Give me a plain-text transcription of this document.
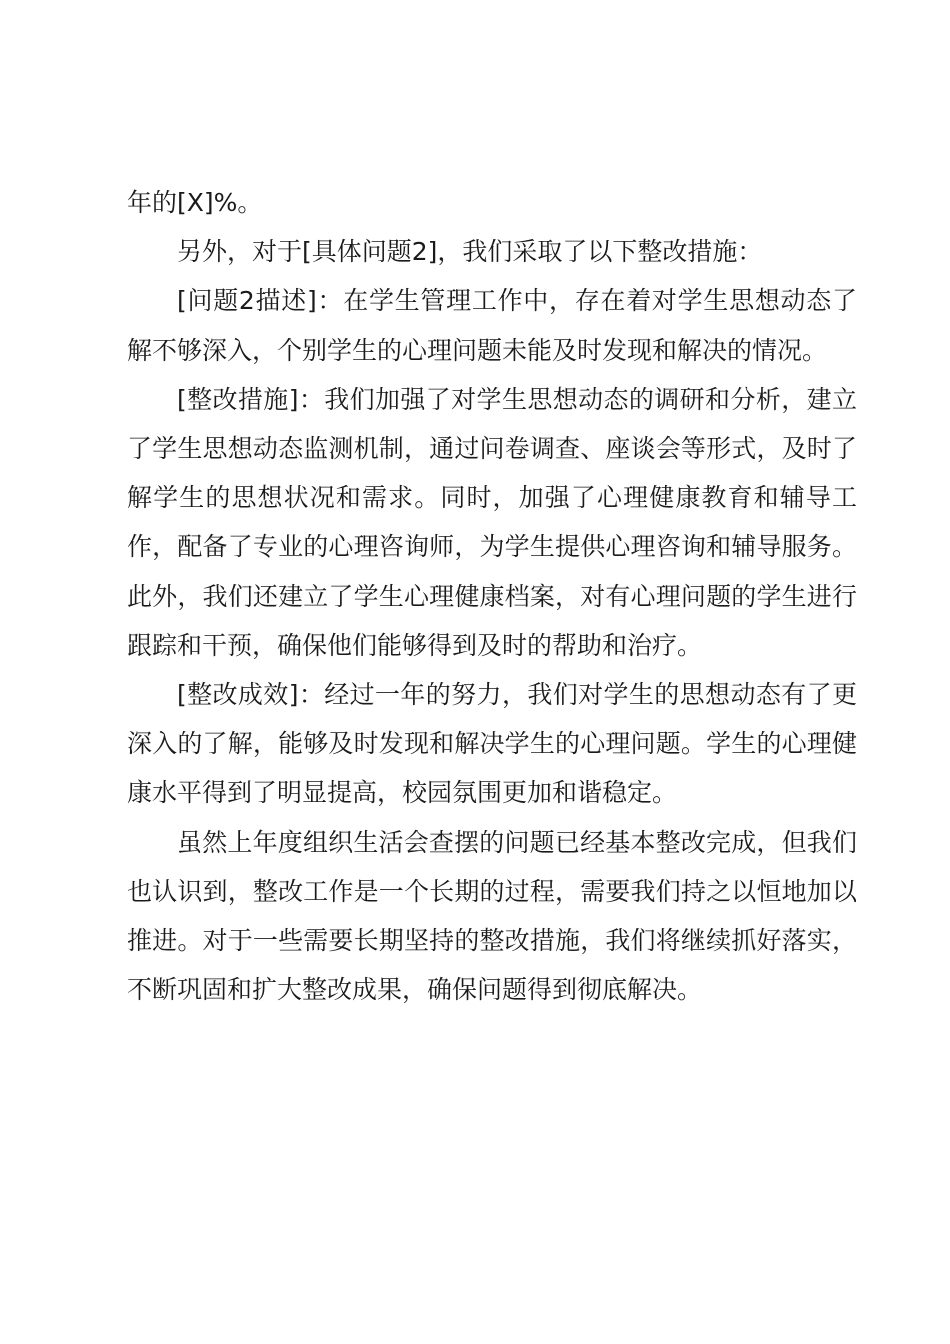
年的[X]%。

另外，对于[具体问题2]，我们采取了以下整改措施：

[问题2描述]：在学生管理工作中，存在着对学生思想动态了解不够深入，个别学生的心理问题未能及时发现和解决的情况。

[整改措施]：我们加强了对学生思想动态的调研和分析，建立了学生思想动态监测机制，通过问卷调查、座谈会等形式，及时了解学生的思想状况和需求。同时，加强了心理健康教育和辅导工作，配备了专业的心理咨询师，为学生提供心理咨询和辅导服务。此外，我们还建立了学生心理健康档案，对有心理问题的学生进行跟踪和干预，确保他们能够得到及时的帮助和治疗。

[整改成效]：经过一年的努力，我们对学生的思想动态有了更深入的了解，能够及时发现和解决学生的心理问题。学生的心理健康水平得到了明显提高，校园氛围更加和谐稳定。

虽然上年度组织生活会查摆的问题已经基本整改完成，但我们也认识到，整改工作是一个长期的过程，需要我们持之以恒地加以推进。对于一些需要长期坚持的整改措施，我们将继续抓好落实，不断巩固和扩大整改成果，确保问题得到彻底解决。
